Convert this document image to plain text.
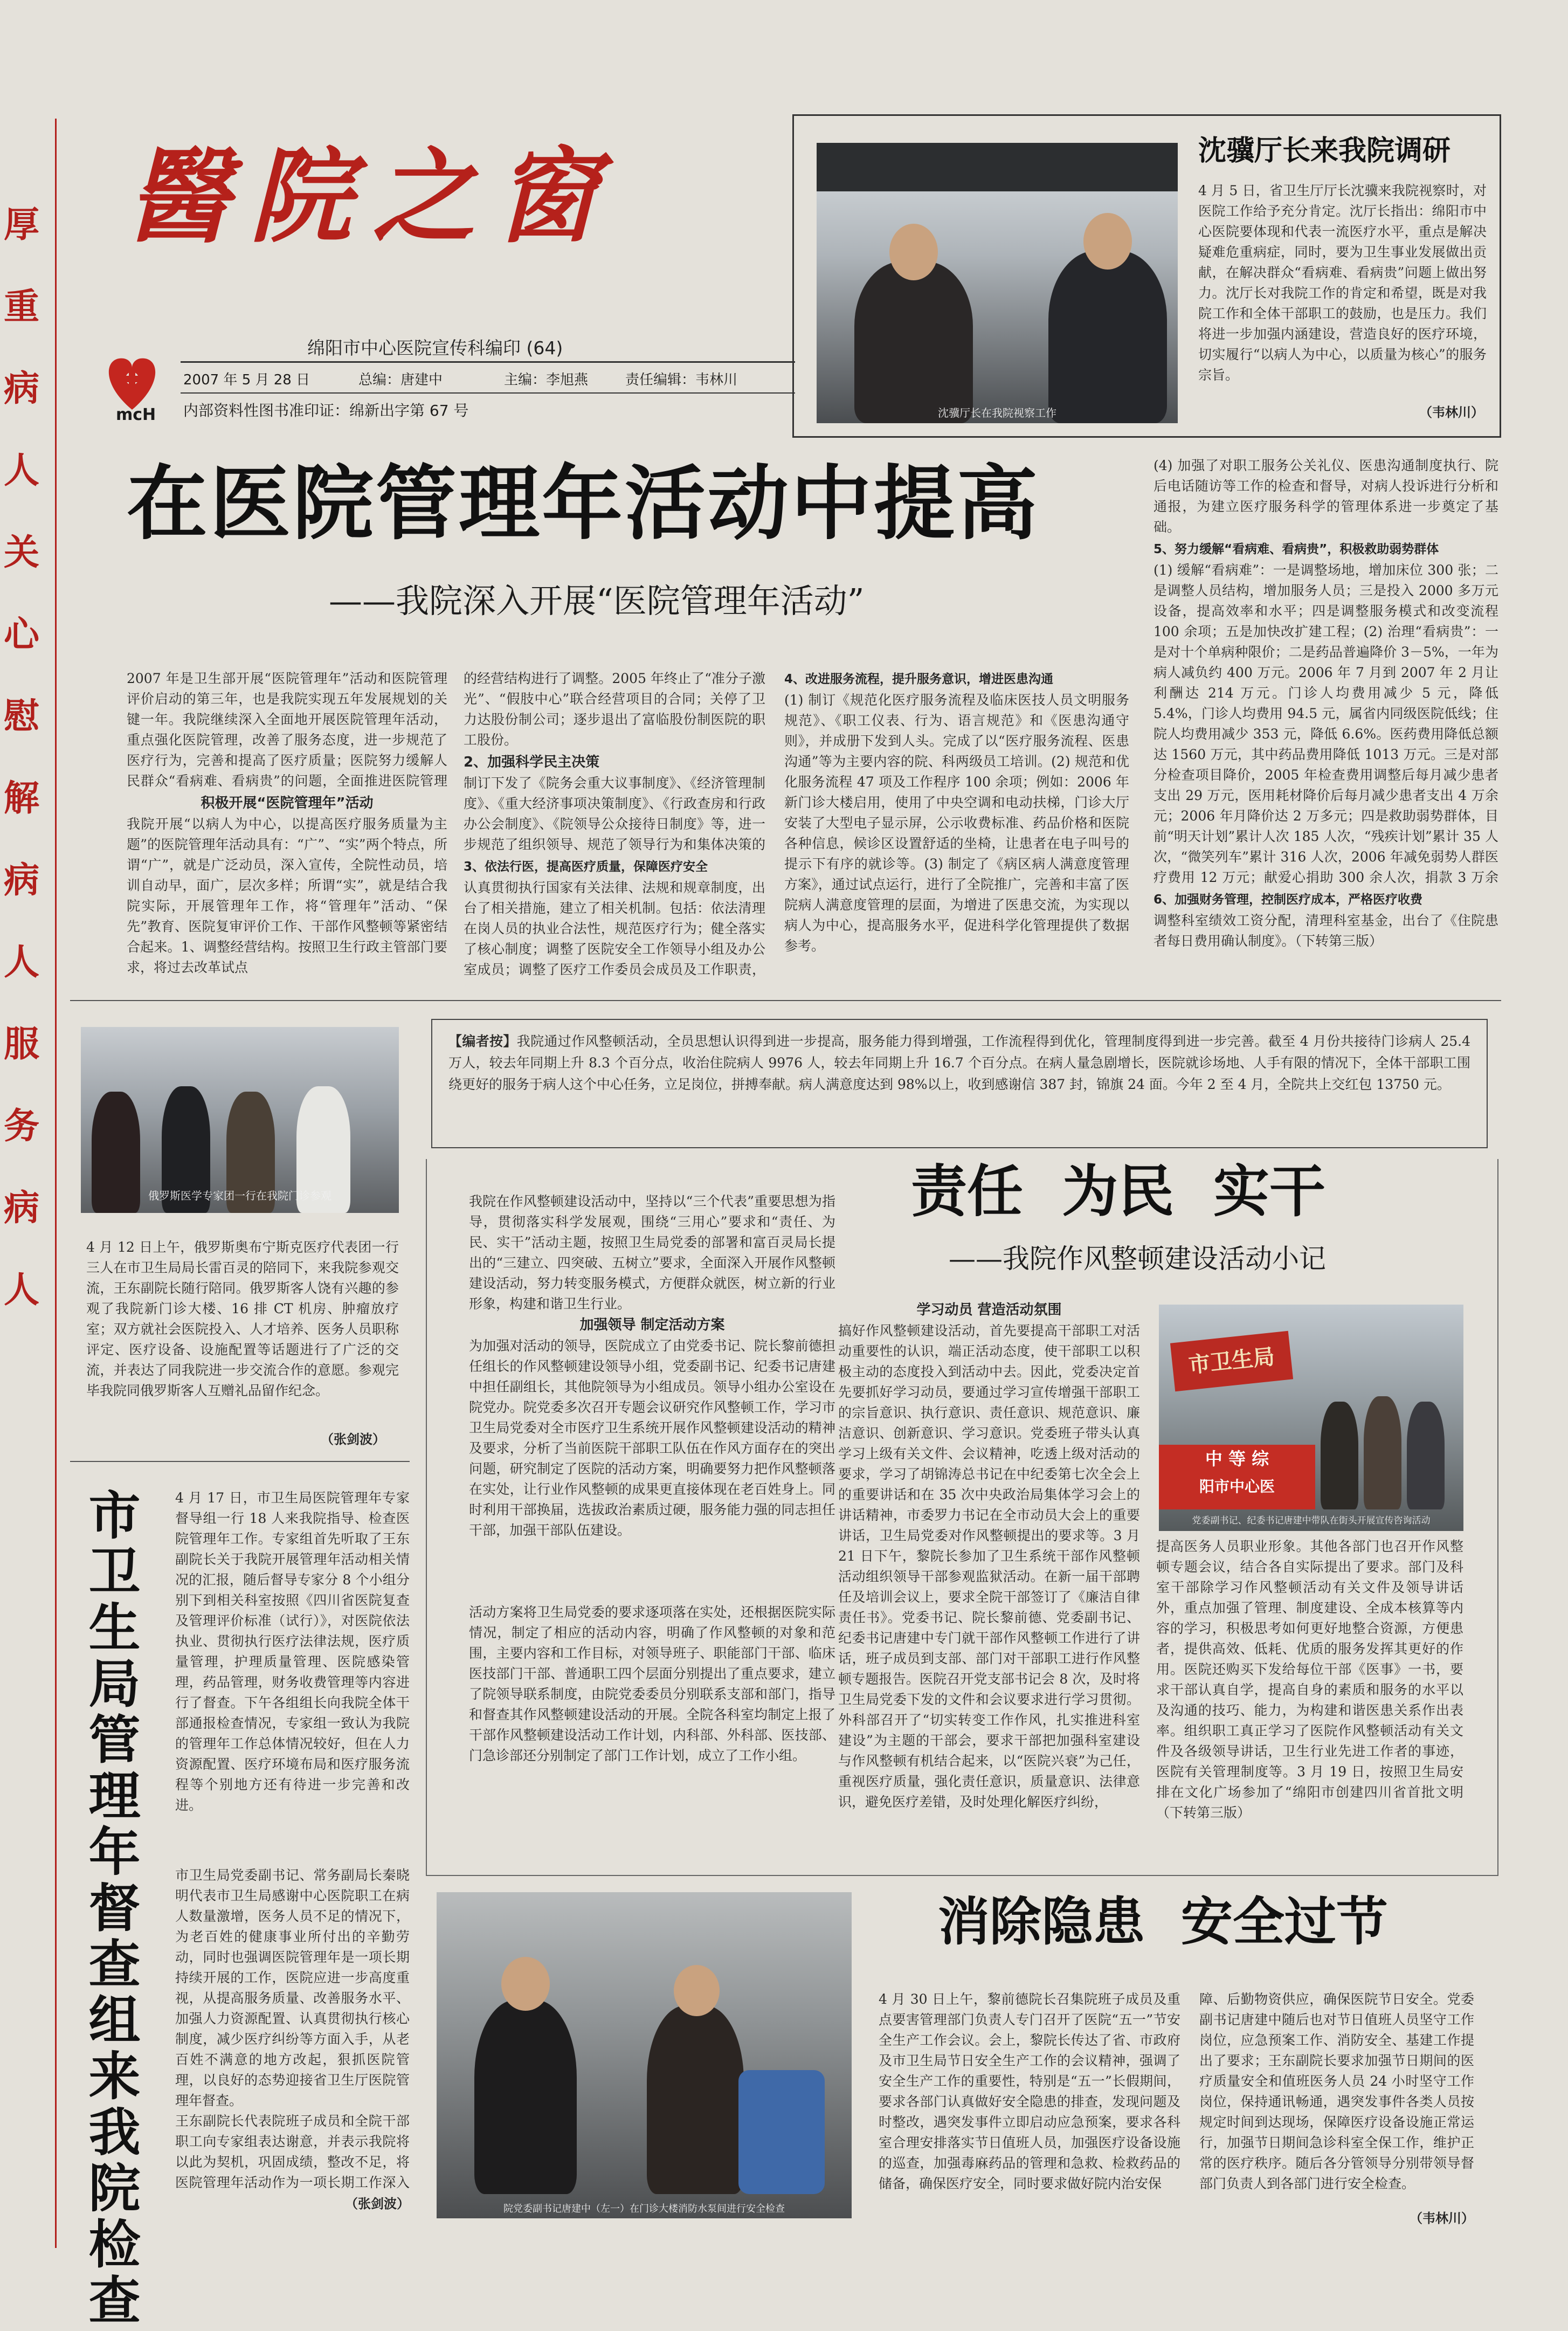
厚 重 病 人 关 心 慰 解 病 人 服 务 病 人
醫院之窗
mcH
绵阳市中心医院宣传科编印 (64)
2007 年 5 月 28 日	总编：唐建中	主编：李旭燕	责任编辑：韦林川
内部资料性图书准印证：绵新出字第 67 号	沈骥厅长在我院视察工作
沈骥厅长来我院调研
4 月 5 日，省卫生厅厅长沈骥来我院视察时，对医院工作给予充分肯定。沈厅长指出：绵阳市中心医院要体现和代表一流医疗水平，重点是解决疑难危重病症，同时，要为卫生事业发展做出贡献，在解决群众“看病难、看病贵”问题上做出努力。沈厅长对我院工作的肯定和希望，既是对我院工作和全体干部职工的鼓励，也是压力。我们将进一步加强内涵建设，营造良好的医疗环境，切实履行“以病人为中心，以质量为核心”的服务宗旨。
（韦林川）
在医院管理年活动中提高
——我院深入开展“医院管理年活动”
2007 年是卫生部开展“医院管理年”活动和医院管理评价启动的第三年，也是我院实现五年发展规划的关键一年。我院继续深入全面地开展医院管理年活动，重点强化医院管理，改善了服务态度，进一步规范了医疗行为，完善和提高了医疗质量；医院努力缓解人民群众“看病难、看病贵”的问题，全面推进医院管理
积极开展“医院管理年”活动
我院开展“以病人为中心，以提高医疗服务质量为主题”的医院管理年活动具有：“广”、“实”两个特点，所谓“广”，就是广泛动员，深入宣传，全院性动员，培训自动早，面广，层次多样；所谓“实”，就是结合我院实际，开展管理年工作，将“管理年”活动、“保先”教育、医院复审评价工作、干部作风整顿等紧密结合起来。1、调整经营结构。按照卫生行政主管部门要求，将过去改革试点
的经营结构进行了调整。2005 年终止了“准分子激光”、“假肢中心”联合经营项目的合同；关停了卫力达股份制公司；逐步退出了富临股份制医院的职工股份。
2、加强科学民主决策
制订下发了《院务会重大议事制度》、《经济管理制度》、《重大经济事项决策制度》、《行政查房和行政办公会制度》、《院领导公众接待日制度》等，进一步规范了组织领导、规范了领导行为和集体决策的
3、依法行医，提高医疗质量，保障医疗安全
认真贯彻执行国家有关法律、法规和规章制度，出台了相关措施，建立了相关机制。包括：依法清理在岗人员的执业合法性，规范医疗行为；健全落实了核心制度；调整了医院安全工作领导小组及办公室成员；调整了医疗工作委员会成员及工作职责，
4、改进服务流程，提升服务意识，增进医患沟通
(1) 制订《规范化医疗服务流程及临床医技人员文明服务规范》、《职工仪表、行为、语言规范》和《医患沟通守则》，并成册下发到人头。完成了以“医疗服务流程、医患沟通”等为主要内容的院、科两级员工培训。(2) 规范和优化服务流程 47 项及工作程序 100 余项；例如：2006 年新门诊大楼启用，使用了中央空调和电动扶梯，门诊大厅安装了大型电子显示屏，公示收费标准、药品价格和医院各种信息，候诊区设置舒适的坐椅，让患者在电子叫号的提示下有序的就诊等。(3) 制定了《病区病人满意度管理方案》，通过试点运行，进行了全院推广，完善和丰富了医院病人满意度管理的层面，为增进了医患交流，为实现以病人为中心，提高服务水平，促进科学化管理提供了数据参考。
(4) 加强了对职工服务公关礼仪、医患沟通制度执行、院后电话随访等工作的检查和督导，对病人投诉进行分析和通报，为建立医疗服务科学的管理体系进一步奠定了基础。
5、努力缓解“看病难、看病贵”，积极救助弱势群体
(1) 缓解“看病难”：一是调整场地，增加床位 300 张；二是调整人员结构，增加服务人员；三是投入 2000 多万元设备，提高效率和水平；四是调整服务模式和改变流程 100 余项；五是加快改扩建工程；(2) 治理“看病贵”：一是对十个单病种限价；二是药品普遍降价 3－5%，一年为病人减负约 400 万元。2006 年 7 月到 2007 年 2 月让利酬达 214 万元。门诊人均费用减少 5 元，降低 5.4%，门诊人均费用 94.5 元，属省内同级医院低线；住院人均费用减少 353 元，降低 6.6%。医药费用降低总额达 1560 万元，其中药品费用降低 1013 万元。三是对部分检查项目降价，2005 年检查费用调整后每月减少患者支出 29 万元，医用耗材降价后每月减少患者支出 4 万余元；2006 年月降价达 2 万多元；四是救助弱势群体，目前“明天计划”累计人次 185 人次，“残疾计划”累计 35 人次，“微笑列车”累计 316 人次，2006 年减免弱势人群医疗费用 12 万元；献爱心捐助 300 余人次，捐款 3 万余
6、加强财务管理，控制医疗成本，严格医疗收费
调整科室绩效工资分配，清理科室基金，出台了《住院患者每日费用确认制度》。（下转第三版）
俄罗斯医学专家团一行在我院门诊参观
4 月 12 日上午，俄罗斯奥布宁斯克医疗代表团一行三人在市卫生局局长雷百灵的陪同下，来我院参观交流，王东副院长随行陪同。俄罗斯客人饶有兴趣的参观了我院新门诊大楼、16 排 CT 机房、肿瘤放疗室；双方就社会医院投入、人才培养、医务人员职称评定、医疗设备、设施配置等话题进行了广泛的交流，并表达了同我院进一步交流合作的意愿。参观完毕我院同俄罗斯客人互赠礼品留作纪念。
（张剑波）
市卫生局管理年督查组来我院检查
4 月 17 日，市卫生局医院管理年专家督导组一行 18 人来我院指导、检查医院管理年工作。专家组首先听取了王东副院长关于我院开展管理年活动相关情况的汇报，随后督导专家分 8 个小组分别下到相关科室按照《四川省医院复查及管理评价标准（试行）》，对医院依法执业、贯彻执行医疗法律法规，医疗质量管理，护理质量管理、医院感染管理，药品管理，财务收费管理等内容进行了督查。下午各组组长向我院全体干部通报检查情况，专家组一致认为我院的管理年工作总体情况较好，但在人力资源配置、医疗环境布局和医疗服务流程等个别地方还有待进一步完善和改进。
市卫生局党委副书记、常务副局长秦晓明代表市卫生局感谢中心医院职工在病人数量激增，医务人员不足的情况下，为老百姓的健康事业所付出的辛勤劳动，同时也强调医院管理年是一项长期持续开展的工作，医院应进一步高度重视，从提高服务质量、改善服务水平、加强人力资源配置、认真贯彻执行核心制度，减少医疗纠纷等方面入手，从老百姓不满意的地方改起，狠抓医院管理，以良好的态势迎接省卫生厅医院管理年督查。
王东副院长代表院班子成员和全院干部职工向专家组表达谢意，并表示我院将以此为契机，巩固成绩，整改不足，将医院管理年活动作为一项长期工作深入
（张剑波）
【编者按】我院通过作风整顿活动，全员思想认识得到进一步提高，服务能力得到增强，工作流程得到优化，管理制度得到进一步完善。截至 4 月份共接待门诊病人 25.4 万人，较去年同期上升 8.3 个百分点，收治住院病人 9976 人，较去年同期上升 16.7 个百分点。在病人量急剧增长，医院就诊场地、人手有限的情况下，全体干部职工围绕更好的服务于病人这个中心任务，立足岗位，拼搏奉献。病人满意度达到 98%以上，收到感谢信 387 封，锦旗 24 面。今年 2 至 4 月，全院共上交红包 13750 元。
责任  为民  实干
——我院作风整顿建设活动小记
我院在作风整顿建设活动中，坚持以“三个代表”重要思想为指导，贯彻落实科学发展观，围绕“三用心”要求和“责任、为民、实干”活动主题，按照卫生局党委的部署和富百灵局长提出的“三建立、四突破、五树立”要求，全面深入开展作风整顿建设活动，努力转变服务模式，方便群众就医，树立新的行业形象，构建和谐卫生行业。
加强领导 制定活动方案
为加强对活动的领导，医院成立了由党委书记、院长黎前德担任组长的作风整顿建设领导小组，党委副书记、纪委书记唐建中担任副组长，其他院领导为小组成员。领导小组办公室设在院党办。院党委多次召开专题会议研究作风整顿工作，学习市卫生局党委对全市医疗卫生系统开展作风整顿建设活动的精神及要求，分析了当前医院干部职工队伍在作风方面存在的突出问题，研究制定了医院的活动方案，明确要努力把作风整顿落在实处，让行业作风整顿的成果更直接体现在老百姓身上。同时利用干部换届，选拔政治素质过硬，服务能力强的同志担任干部，加强干部队伍建设。
活动方案将卫生局党委的要求逐项落在实处，还根据医院实际情况，制定了相应的活动内容，明确了作风整顿的对象和范围，主要内容和工作目标，对领导班子、职能部门干部、临床医技部门干部、普通职工四个层面分别提出了重点要求，建立了院领导联系制度，由院党委委员分别联系支部和部门，指导和督查其作风整顿建设活动的开展。全院各科室均制定上报了干部作风整顿建设活动工作计划，内科部、外科部、医技部、门急诊部还分别制定了部门工作计划，成立了工作小组。
学习动员 营造活动氛围
搞好作风整顿建设活动，首先要提高干部职工对活动重要性的认识，端正活动态度，使干部职工以积极主动的态度投入到活动中去。因此，党委决定首先要抓好学习动员，要通过学习宣传增强干部职工的宗旨意识、执行意识、责任意识、规范意识、廉洁意识、创新意识、学习意识。党委班子带头认真学习上级有关文件、会议精神，吃透上级对活动的要求，学习了胡锦涛总书记在中纪委第七次全会上的重要讲话和在 35 次中央政治局集体学习会上的讲话精神，市委罗力书记在全市动员大会上的重要讲话，卫生局党委对作风整顿提出的要求等。3 月 21 日下午，黎院长参加了卫生系统干部作风整顿活动组织领导干部参观监狱活动。在新一届干部聘任及培训会议上，要求全院干部签订了《廉洁自律责任书》。党委书记、院长黎前德、党委副书记、纪委书记唐建中专门就干部作风整顿工作进行了讲话，班子成员到支部、部门对干部职工进行作风整顿专题报告。医院召开党支部书记会 8 次，及时将卫生局党委下发的文件和会议要求进行学习贯彻。外科部召开了“切实转变工作作风，扎实推进科室建设”为主题的干部会，要求干部把加强科室建设与作风整顿有机结合起来，以“医院兴衰”为己任，重视医疗质量，强化责任意识，质量意识、法律意识，避免医疗差错，及时处理化解医疗纠纷，
市卫生局
中 等 综
阳市中心医
党委副书记、纪委书记唐建中带队在街头开展宣传咨询活动
提高医务人员职业形象。其他各部门也召开作风整顿专题会议，结合各自实际提出了要求。部门及科室干部除学习作风整顿活动有关文件及领导讲话外，重点加强了管理、制度建设、全成本核算等内容的学习，积极思考如何更好地整合资源，方便患者，提供高效、低耗、优质的服务发挥其更好的作用。医院还购买下发给每位干部《医事》一书，要求干部认真自学，提高自身的素质和服务的水平以及沟通的技巧、能力，为构建和谐医患关系作出表率。组织职工真正学习了医院作风整顿活动有关文件及各级领导讲话，卫生行业先进工作者的事迹，医院有关管理制度等。3 月 19 日，按照卫生局安排在文化广场参加了“绵阳市创建四川省首批文明（下转第三版）
院党委副书记唐建中（左一）在门诊大楼消防水泵间进行安全检查
消除隐患  安全过节
4 月 30 日上午，黎前德院长召集院班子成员及重点要害管理部门负责人专门召开了医院“五一”节安全生产工作会议。会上，黎院长传达了省、市政府及市卫生局节日安全生产工作的会议精神，强调了安全生产工作的重要性，特别是“五一”长假期间，要求各部门认真做好安全隐患的排查，发现问题及时整改，遇突发事件立即启动应急预案，要求各科室合理安排落实节日值班人员，加强医疗设备设施的巡查，加强毒麻药品的管理和急救、检救药品的储备，确保医疗安全，同时要求做好院内治安保
障、后勤物资供应，确保医院节日安全。党委副书记唐建中随后也对节日值班人员坚守工作岗位，应急预案工作、消防安全、基建工作提出了要求；王东副院长要求加强节日期间的医疗质量安全和值班医务人员 24 小时坚守工作岗位，保持通讯畅通，遇突发事件各类人员按规定时间到达现场，保障医疗设备设施正常运行，加强节日期间急诊科室全保工作，维护正常的医疗秩序。随后各分管领导分别带领导督部门负责人到各部门进行安全检查。
（韦林川）
